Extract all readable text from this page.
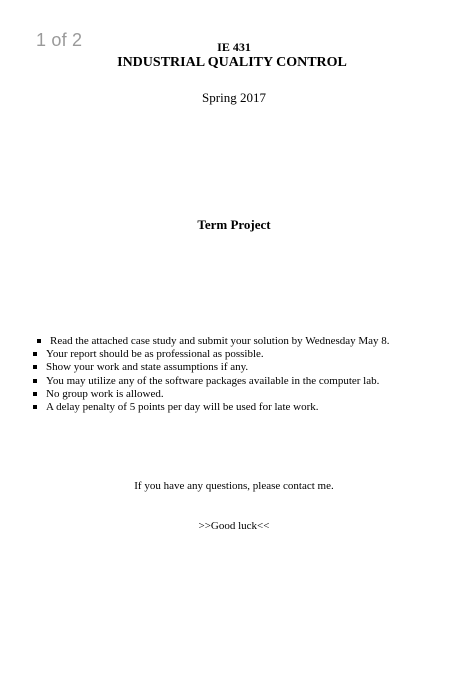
1 of 2	IE 431
INDUSTRIAL QUALITY CONTROL
Spring 2017
Term Project
Read the attached case study and submit your solution by Wednesday May 8.
Your report should be as professional as possible.
Show your work and state assumptions if any.
You may utilize any of the software packages available in the computer lab.
No group work is allowed.
A delay penalty of 5 points per day will be used for late work.
If you have any questions, please contact me.
>>Good luck<<
